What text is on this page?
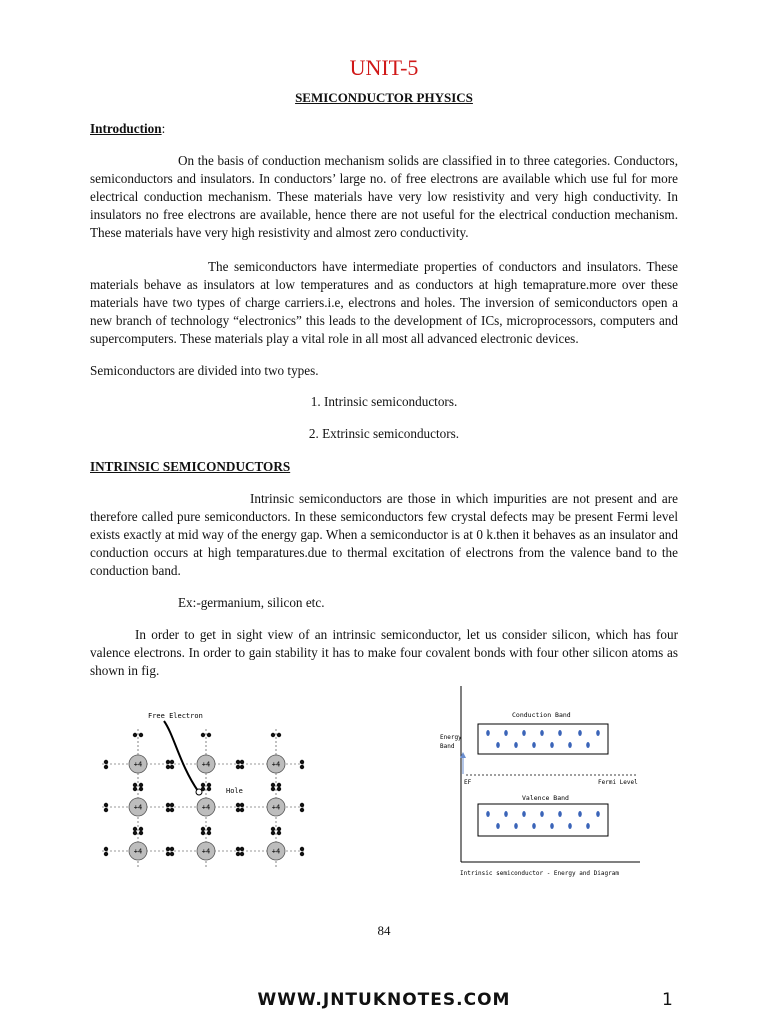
UNIT-5
SEMICONDUCTOR PHYSICS

Introduction:

On the basis of conduction mechanism solids are classified in to three categories. Conductors, semiconductors and insulators. In conductors’ large no. of free electrons are available which use ful for more electrical conduction mechanism. These materials have very low resistivity and very high conductivity. In insulators no free electrons are available, hence there are not useful for the electrical conduction mechanism. These materials have very high resistivity and almost zero conductivity.

The semiconductors have intermediate properties of conductors and insulators. These materials behave as insulators at low temperatures and as conductors at high temaprature.more over these materials have two types of charge carriers.i.e, electrons and holes. The inversion of semiconductors open a new branch of technology “electronics” this leads to the development of ICs, microprocessors, computers and supercomputers. These materials play a vital role in all most all advanced electronic devices.

Semiconductors are divided into two types.

1. Intrinsic semiconductors.
2. Extrinsic semiconductors.

INTRINSIC SEMICONDUCTORS

Intrinsic semiconductors are those in which impurities are not present and are therefore called pure semiconductors. In these semiconductors few crystal defects may be present Fermi level exists exactly at mid way of the energy gap. When a semiconductor is at 0 k.then it behaves as an insulator and conduction occurs at high temparatures.due to thermal excitation of electrons from the valence band to the conduction band.

Ex:-germanium, silicon etc.

In order to get in sight view of an intrinsic semiconductor, let us consider silicon, which has four valence electrons. In order to gain stability it has to make four covalent bonds with four other silicon atoms as shown in fig.

+4	+4	+4
+4	+4	+4
+4	+4	+4
Free Electron
Hole
Conduction Band
Energy
Band
EF	Fermi Level
Valence Band
Intrinsic semiconductor - Energy and Diagram
84
WWW.JNTUKNOTES.COM	1
